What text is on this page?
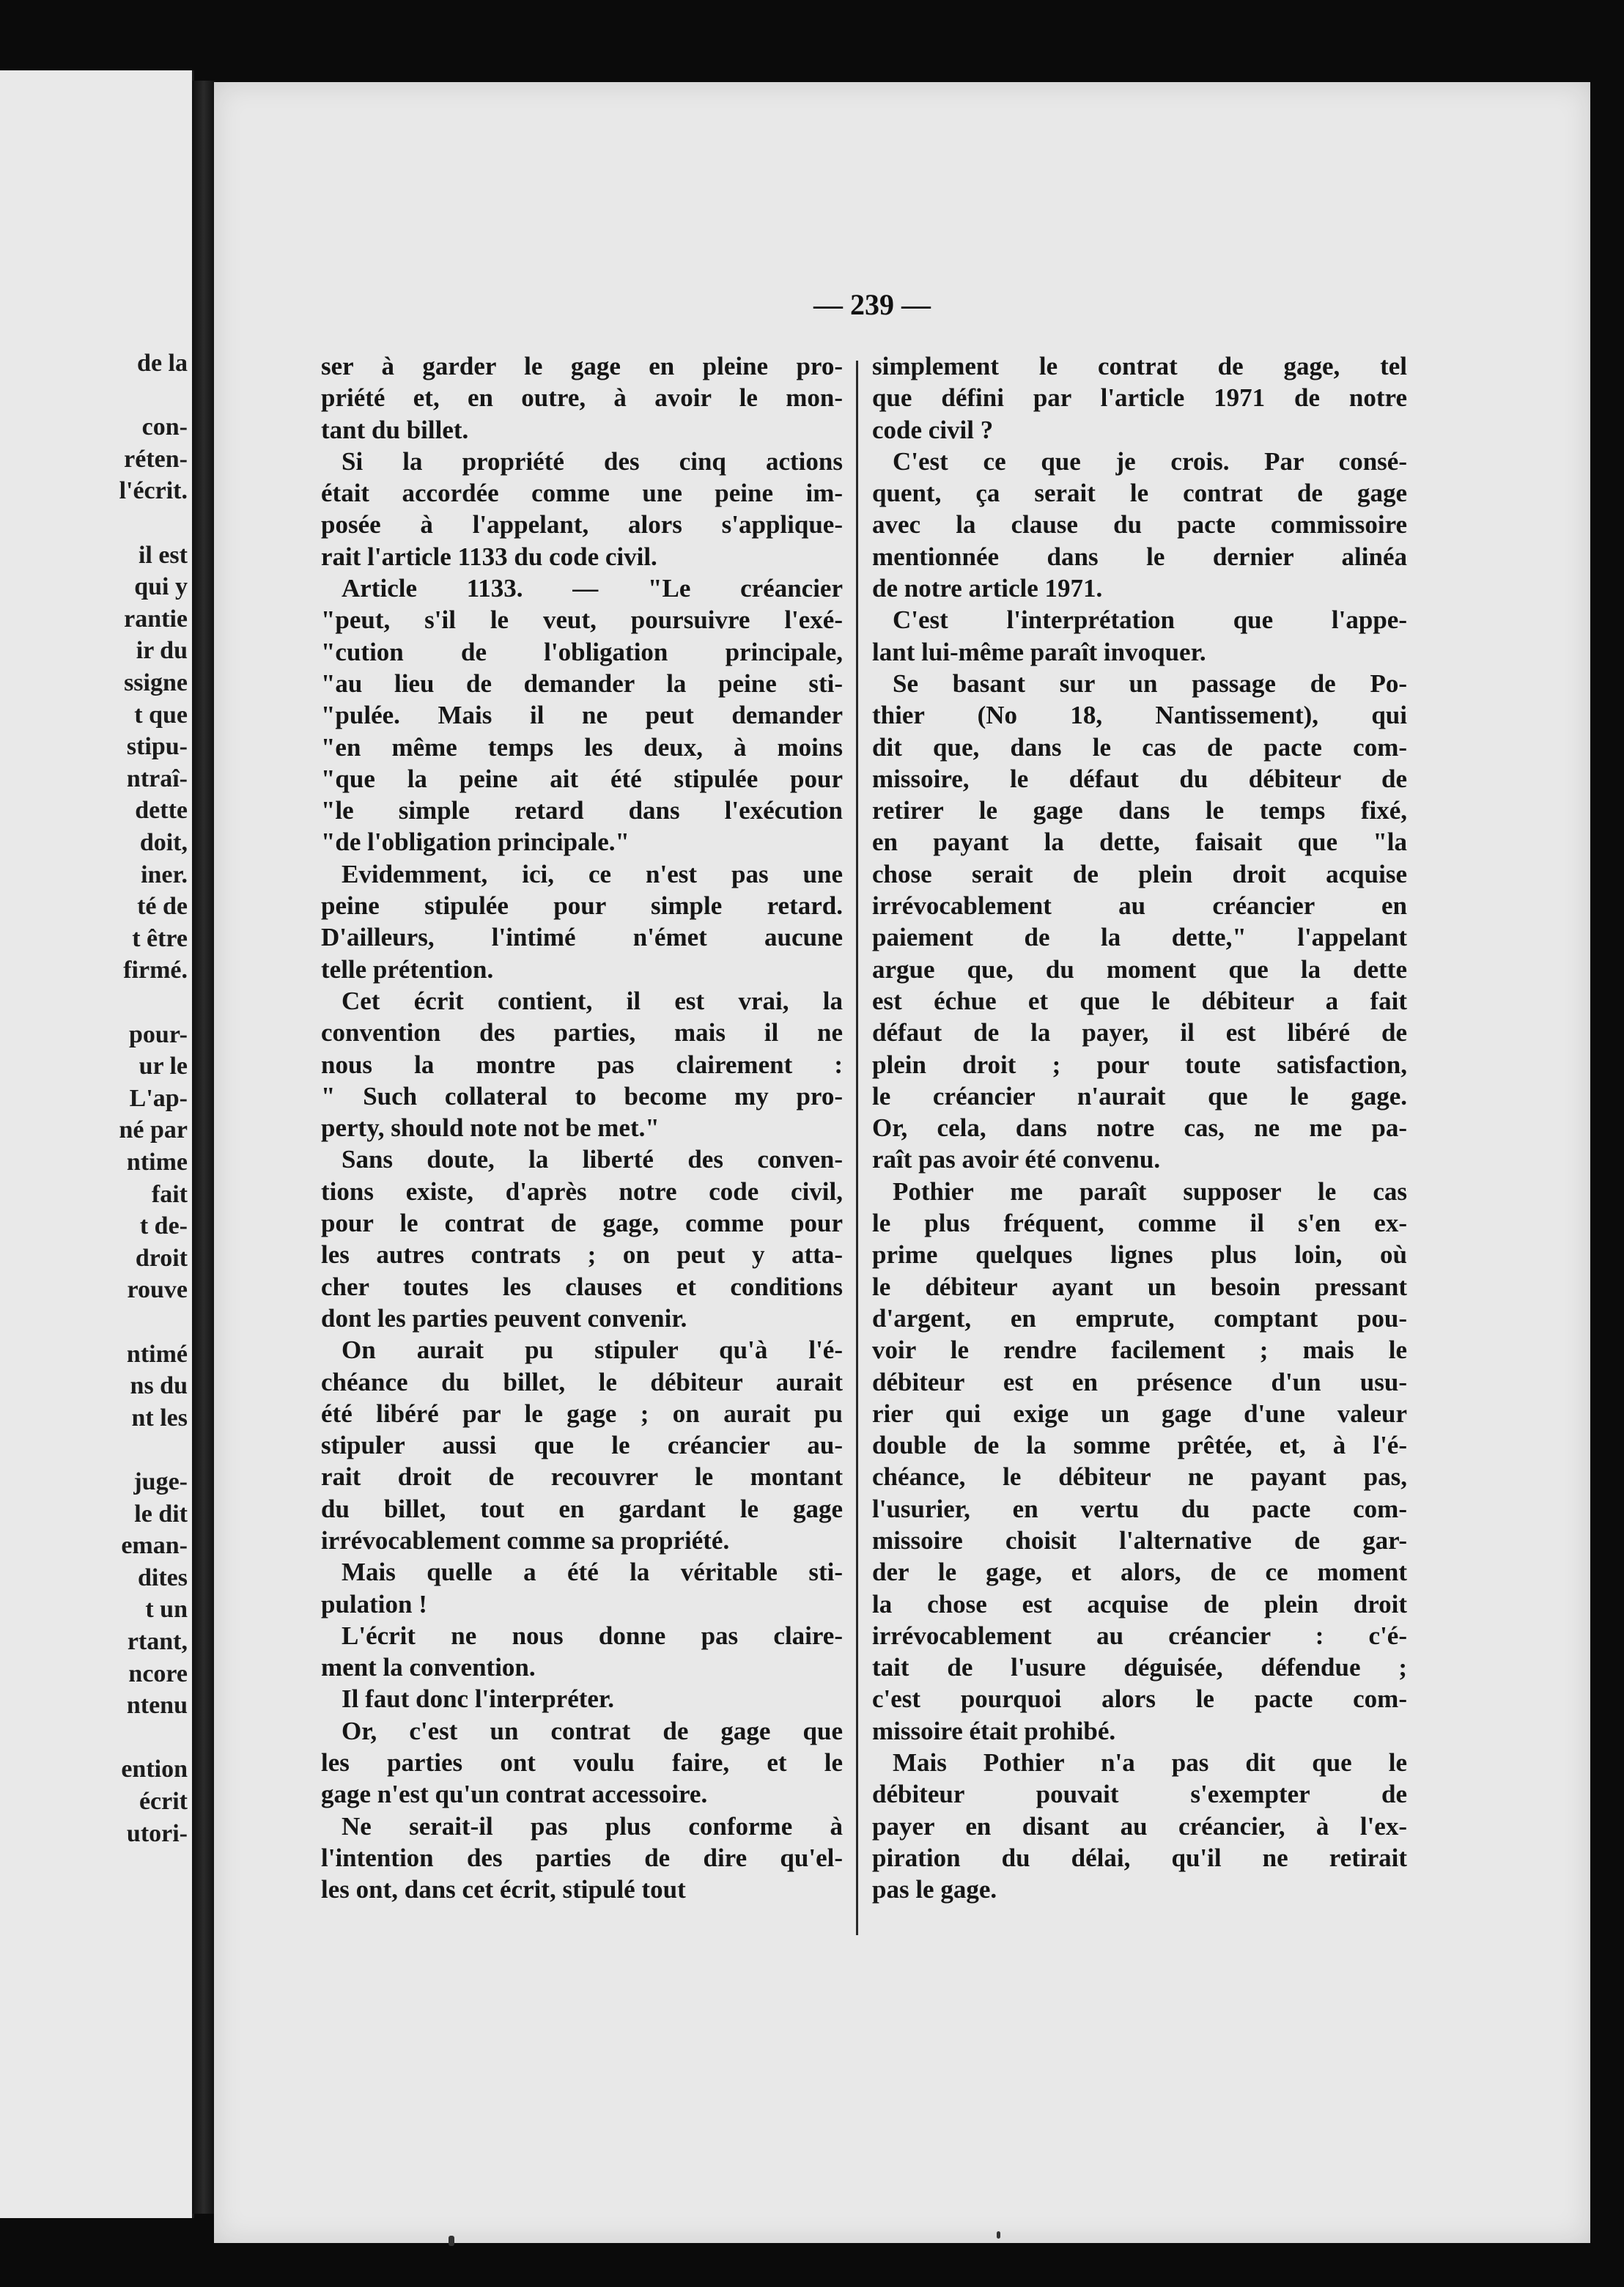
de la
con-
réten-
l'écrit.
il est
qui y
rantie
ir du
ssigne
t que
stipu-
ntraî-
dette
doit,
iner.
té de
t être
firmé.
pour-
ur le
L'ap-
né par
ntime
fait
t de-
droit
rouve
ntimé
ns du
nt les
juge-
le dit
eman-
dites
t un
rtant,
ncore
ntenu
ention
écrit
utori-
— 239 —
ser à garder le gage en pleine pro-
priété et, en outre, à avoir le mon-
tant du billet.
Si la propriété des cinq actions
était accordée comme une peine im-
posée à l'appelant, alors s'applique-
rait l'article 1133 du code civil.
Article 1133. — "Le créancier
"peut, s'il le veut, poursuivre l'exé-
"cution de l'obligation principale,
"au lieu de demander la peine sti-
"pulée. Mais il ne peut demander
"en même temps les deux, à moins
"que la peine ait été stipulée pour
"le simple retard dans l'exécution
"de l'obligation principale."
Evidemment, ici, ce n'est pas une
peine stipulée pour simple retard.
D'ailleurs, l'intimé n'émet aucune
telle prétention.
Cet écrit contient, il est vrai, la
convention des parties, mais il ne
nous la montre pas clairement :
" Such collateral to become my pro-
perty, should note not be met."
Sans doute, la liberté des conven-
tions existe, d'après notre code civil,
pour le contrat de gage, comme pour
les autres contrats ; on peut y atta-
cher toutes les clauses et conditions
dont les parties peuvent convenir.
On aurait pu stipuler qu'à l'é-
chéance du billet, le débiteur aurait
été libéré par le gage ; on aurait pu
stipuler aussi que le créancier au-
rait droit de recouvrer le montant
du billet, tout en gardant le gage
irrévocablement comme sa propriété.
Mais quelle a été la véritable sti-
pulation !
L'écrit ne nous donne pas claire-
ment la convention.
Il faut donc l'interpréter.
Or, c'est un contrat de gage que
les parties ont voulu faire, et le
gage n'est qu'un contrat accessoire.
Ne serait-il pas plus conforme à
l'intention des parties de dire qu'el-
les ont, dans cet écrit, stipulé tout
simplement le contrat de gage, tel
que défini par l'article 1971 de notre
code civil ?
C'est ce que je crois. Par consé-
quent, ça serait le contrat de gage
avec la clause du pacte commissoire
mentionnée dans le dernier alinéa
de notre article 1971.
C'est l'interprétation que l'appe-
lant lui-même paraît invoquer.
Se basant sur un passage de Po-
thier (No 18, Nantissement), qui
dit que, dans le cas de pacte com-
missoire, le défaut du débiteur de
retirer le gage dans le temps fixé,
en payant la dette, faisait que "la
chose serait de plein droit acquise
irrévocablement au créancier en
paiement de la dette," l'appelant
argue que, du moment que la dette
est échue et que le débiteur a fait
défaut de la payer, il est libéré de
plein droit ; pour toute satisfaction,
le créancier n'aurait que le gage.
Or, cela, dans notre cas, ne me pa-
raît pas avoir été convenu.
Pothier me paraît supposer le cas
le plus fréquent, comme il s'en ex-
prime quelques lignes plus loin, où
le débiteur ayant un besoin pressant
d'argent, en emprute, comptant pou-
voir le rendre facilement ; mais le
débiteur est en présence d'un usu-
rier qui exige un gage d'une valeur
double de la somme prêtée, et, à l'é-
chéance, le débiteur ne payant pas,
l'usurier, en vertu du pacte com-
missoire choisit l'alternative de gar-
der le gage, et alors, de ce moment
la chose est acquise de plein droit
irrévocablement au créancier : c'é-
tait de l'usure déguisée, défendue ;
c'est pourquoi alors le pacte com-
missoire était prohibé.
Mais Pothier n'a pas dit que le
débiteur pouvait s'exempter de
payer en disant au créancier, à l'ex-
piration du délai, qu'il ne retirait
pas le gage.
